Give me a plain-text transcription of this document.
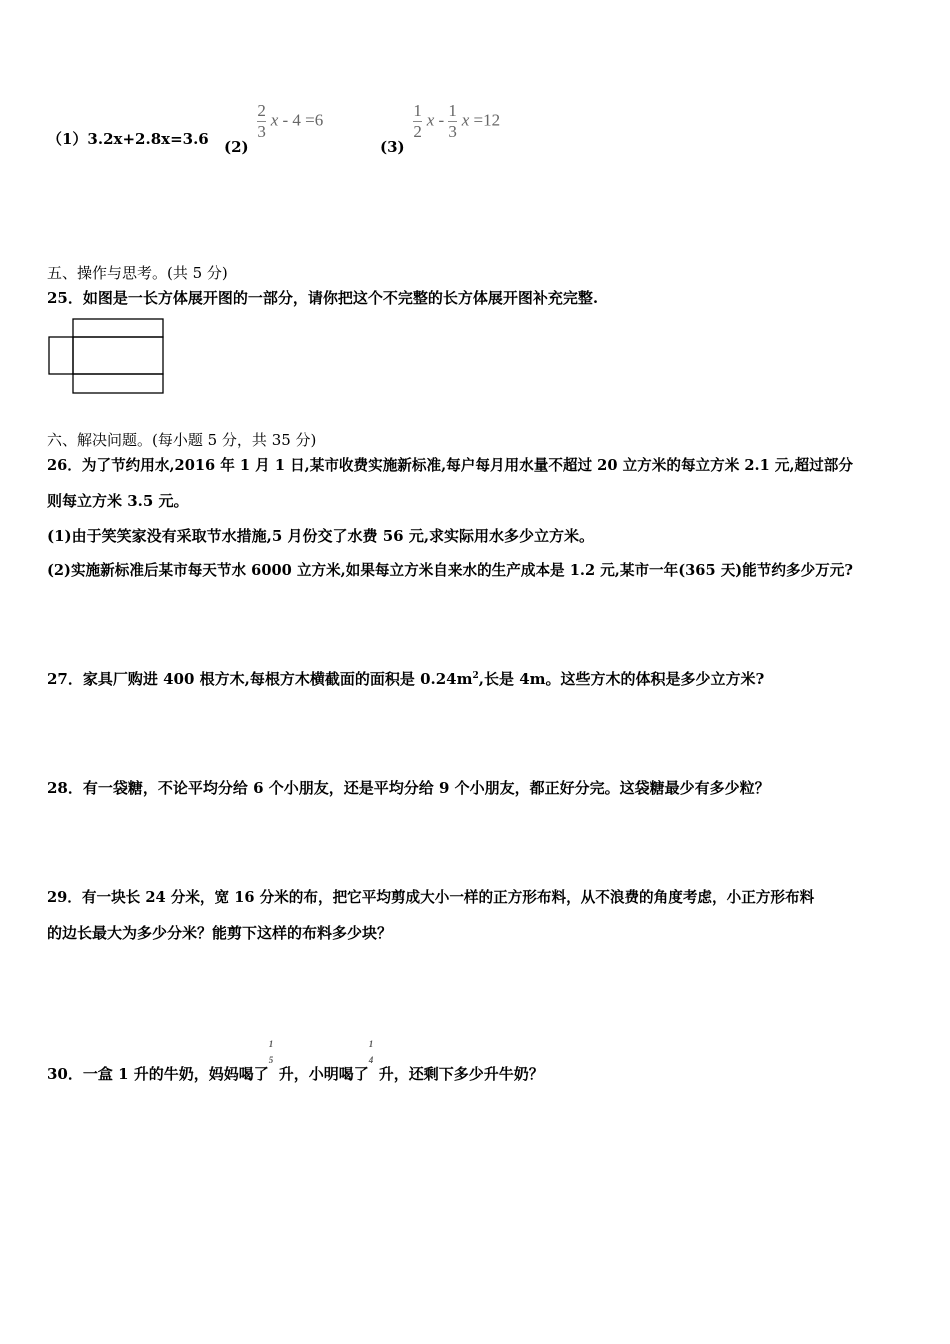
（1）3.2x+2.8x=3.6 $(2) \frac{2}{3}$ x - 4 =6
$(3) \frac{1}{2}$ x - $\frac{1}{3}$ x =12
五、操作与思考。(共 5 分)
25．如图是一长方体展开图的一部分，请你把这个不完整的长方体展开图补充完整.
六、解决问题。(每小题 5 分，共 35 分)
26．为了节约用水,2016 年 1 月 1 日,某市收费实施新标准,每户每月用水量不超过 20 立方米的每立方米 2.1 元,超过部分
则每立方米 3.5 元。
(1)由于笑笑家没有采取节水措施,5 月份交了水费 56 元,求实际用水多少立方米。
(2)实施新标准后某市每天节水 6000 立方米,如果每立方米自来水的生产成本是 1.2 元,某市一年(365 天)能节约多少万元?
27．家具厂购进 400 根方木,每根方木横截面的面积是 $0.24m^2$,长是 4m。这些方木的体积是多少立方米?
28．有一袋糖，不论平均分给 6 个小朋友，还是平均分给 9 个小朋友，都正好分完。这袋糖最少有多少粒？
29．有一块长 24 分米，宽 16 分米的布，把它平均剪成大小一样的正方形布料，从不浪费的角度考虑，小正方形布料
的边长最大为多少分米？能剪下这样的布料多少块？
30．一盒 1 升的牛奶，妈妈喝了
1
5
升，小明喝了
1
4
升，还剩下多少升牛奶？
